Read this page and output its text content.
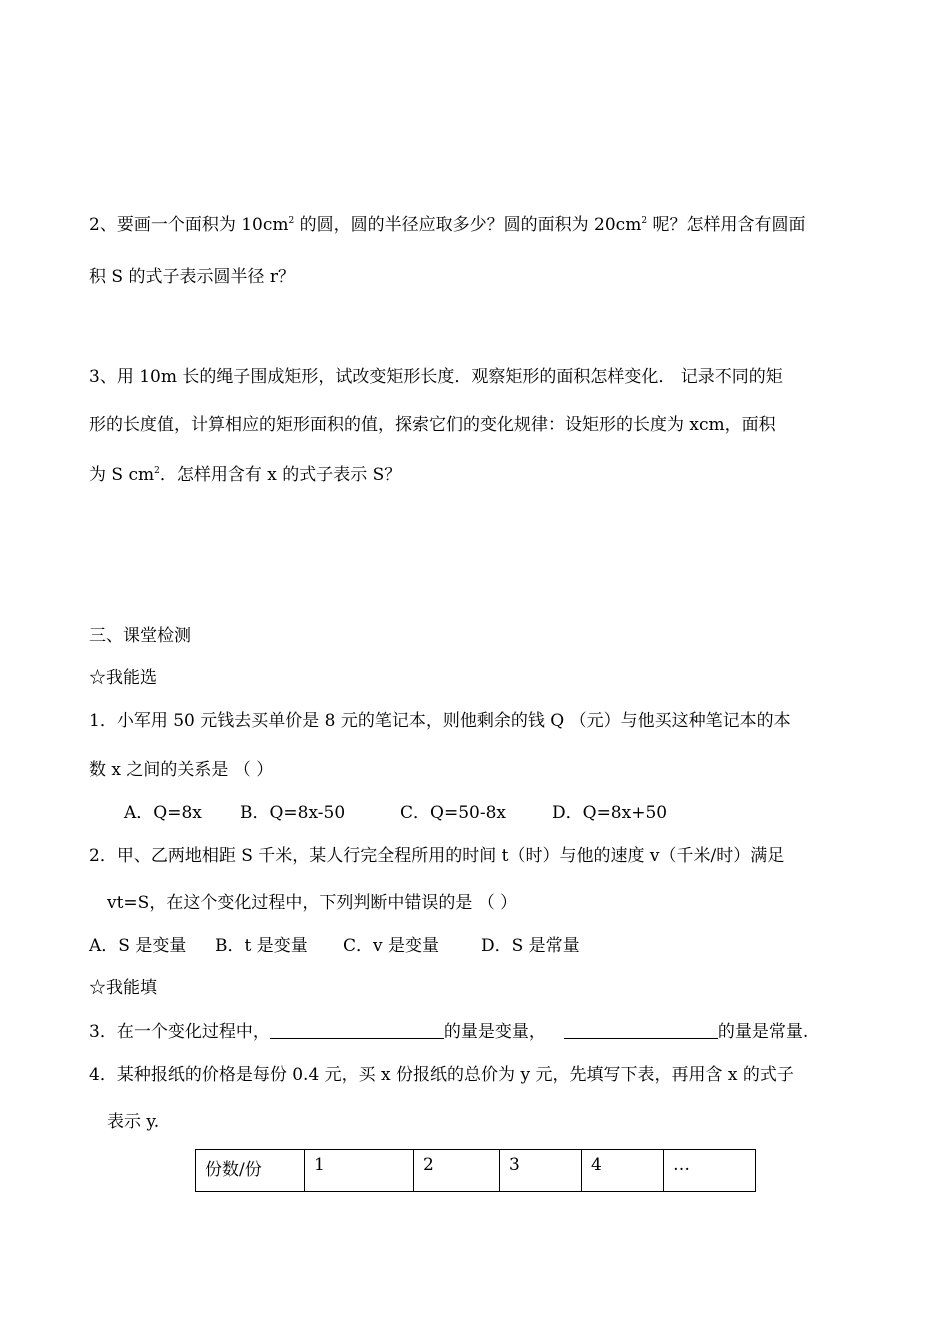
2、要画一个面积为 $10cm^2$ 的圆，圆的半径应取多少？圆的面积为 $20cm^2$ 呢？怎样用含有圆面
积 S 的式子表示圆半径 r？
3、用 10m 长的绳子围成矩形，试改变矩形长度．观察矩形的面积怎样变化． 记录不同的矩
形的长度值，计算相应的矩形面积的值，探索它们的变化规律：设矩形的长度为 xcm，面积
为 S $cm^2$．怎样用含有 x 的式子表示 S？
三、课堂检测
☆我能选
1．小军用 50 元钱去买单价是 8 元的笔记本，则他剩余的钱 Q （元）与他买这种笔记本的本
数 x 之间的关系是 （ ）
A．Q=8x B．Q=8x-50	C．Q=50-8x	D．Q=8x+50
2．甲、乙两地相距 S 千米，某人行完全程所用的时间 t（时）与他的速度 v（千米/时）满足
vt=S，在这个变化过程中，下列判断中错误的是 （ ）
A．S 是变量 B．t 是变量 C．v 是变量 D．S 是常量
☆我能填
3．在一个变化过程中，	的量是变量，	的量是常量.
4．某种报纸的价格是每份 0.4 元，买 x 份报纸的总价为 y 元，先填写下表，再用含 x 的式子
表示 y.
份数/份	1	2	3	4	…
